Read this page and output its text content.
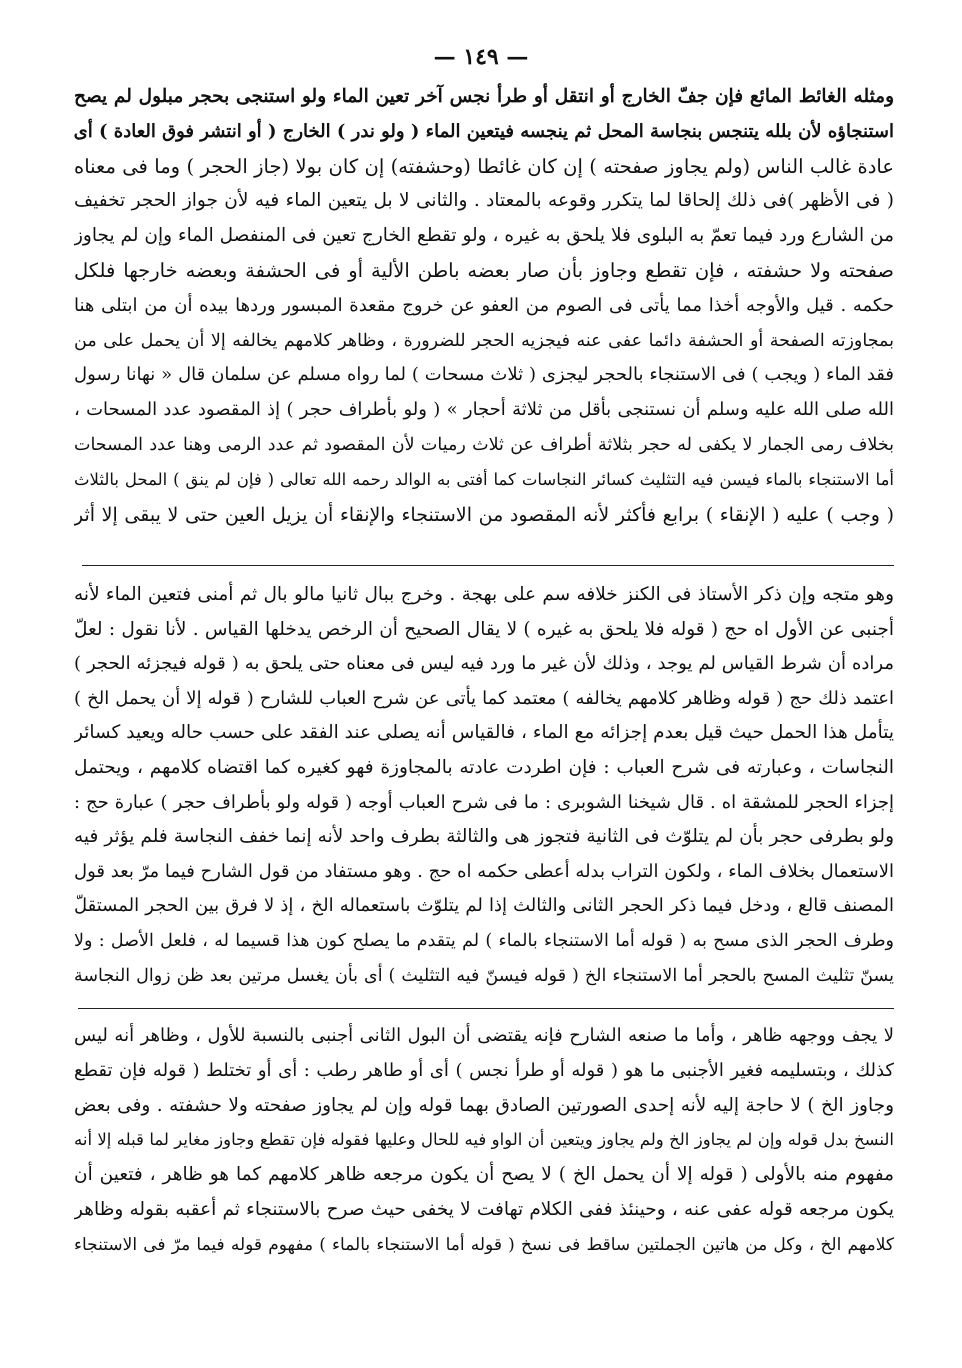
— ١٤٩ —
ومثله الغائط المائع فإن جفّ الخارج أو انتقل أو طرأ نجس آخر تعين الماء ولو استنجى بحجر مبلول لم يصح
استنجاؤه لأن بلله يتنجس بنجاسة المحل ثم ينجسه فيتعين الماء ( ولو ندر ) الخارج ( أو انتشر فوق العادة ) أى
عادة غالب الناس (ولم يجاوز صفحته ) إن كان غائطا (وحشفته) إن كان بولا (جاز الحجر ) وما فى معناه
( فى الأظهر )فى ذلك إلحاقا لما يتكرر وقوعه بالمعتاد . والثانى لا بل يتعين الماء فيه لأن جواز الحجر تخفيف
من الشارع ورد فيما تعمّ به البلوى فلا يلحق به غيره ، ولو تقطع الخارج تعين فى المنفصل الماء وإن لم يجاوز
صفحته ولا حشفته ، فإن تقطع وجاوز بأن صار بعضه باطن الألية أو فى الحشفة وبعضه خارجها فلكل
حكمه . قيل والأوجه أخذا مما يأتى فى الصوم من العفو عن خروج مقعدة المبسور وردها بيده أن من ابتلى هنا
بمجاوزته الصفحة أو الحشفة دائما عفى عنه فيجزيه الحجر للضرورة ، وظاهر كلامهم يخالفه إلا أن يحمل على من
فقد الماء ( ويجب ) فى الاستنجاء بالحجر ليجزى ( ثلاث مسحات ) لما رواه مسلم عن سلمان قال « نهانا رسول
الله صلى الله عليه وسلم أن نستنجى بأقل من ثلاثة أحجار » ( ولو بأطراف حجر ) إذ المقصود عدد المسحات ،
بخلاف رمى الجمار لا يكفى له حجر بثلاثة أطراف عن ثلاث رميات لأن المقصود ثم عدد الرمى وهنا عدد المسحات
أما الاستنجاء بالماء فيسن فيه التثليث كسائر النجاسات كما أفتى به الوالد رحمه الله تعالى ( فإن لم ينق ) المحل بالثلاث
( وجب ) عليه ( الإنقاء ) برابع فأكثر لأنه المقصود من الاستنجاء والإنقاء أن يزيل العين حتى لا يبقى إلا أثر
وهو متجه وإن ذكر الأستاذ فى الكنز خلافه سم على بهجة . وخرج ببال ثانيا مالو بال ثم أمنى فتعين الماء لأنه
أجنبى عن الأول اه حج ( قوله فلا يلحق به غيره ) لا يقال الصحيح أن الرخص يدخلها القياس . لأنا نقول : لعلّ
مراده أن شرط القياس لم يوجد ، وذلك لأن غير ما ورد فيه ليس فى معناه حتى يلحق به ( قوله فيجزئه الحجر )
اعتمد ذلك حج ( قوله وظاهر كلامهم يخالفه ) معتمد كما يأتى عن شرح العباب للشارح ( قوله إلا أن يحمل الخ )
يتأمل هذا الحمل حيث قيل بعدم إجزائه مع الماء ، فالقياس أنه يصلى عند الفقد على حسب حاله ويعيد كسائر
النجاسات ، وعبارته فى شرح العباب : فإن اطردت عادته بالمجاوزة فهو كغيره كما اقتضاه كلامهم ، ويحتمل
إجزاء الحجر للمشقة اه . قال شيخنا الشوبرى : ما فى شرح العباب أوجه ( قوله ولو بأطراف حجر ) عبارة حج :
ولو بطرفى حجر بأن لم يتلوّث فى الثانية فتجوز هى والثالثة بطرف واحد لأنه إنما خفف النجاسة فلم يؤثر فيه
الاستعمال بخلاف الماء ، ولكون التراب بدله أعطى حكمه اه حج . وهو مستفاد من قول الشارح فيما مرّ بعد قول
المصنف قالع ، ودخل فيما ذكر الحجر الثانى والثالث إذا لم يتلوّث باستعماله الخ ، إذ لا فرق بين الحجر المستقلّ
وطرف الحجر الذى مسح به ( قوله أما الاستنجاء بالماء ) لم يتقدم ما يصلح كون هذا قسيما له ، فلعل الأصل : ولا
يسنّ تثليث المسح بالحجر أما الاستنجاء الخ ( قوله فيسنّ فيه التثليث ) أى بأن يغسل مرتين بعد ظن زوال النجاسة
لا يجف ووجهه ظاهر ، وأما ما صنعه الشارح فإنه يقتضى أن البول الثانى أجنبى بالنسبة للأول ، وظاهر أنه ليس
كذلك ، وبتسليمه فغير الأجنبى ما هو ( قوله أو طرأ نجس ) أى أو طاهر رطب : أى أو تختلط ( قوله فإن تقطع
وجاوز الخ ) لا حاجة إليه لأنه إحدى الصورتين الصادق بهما قوله وإن لم يجاوز صفحته ولا حشفته . وفى بعض
النسخ بدل قوله وإن لم يجاوز الخ ولم يجاوز ويتعين أن الواو فيه للحال وعليها فقوله فإن تقطع وجاوز مغاير لما قبله إلا أنه
مفهوم منه بالأولى ( قوله إلا أن يحمل الخ ) لا يصح أن يكون مرجعه ظاهر كلامهم كما هو ظاهر ، فتعين أن
يكون مرجعه قوله عفى عنه ، وحينئذ ففى الكلام تهافت لا يخفى حيث صرح بالاستنجاء ثم أعقبه بقوله وظاهر
كلامهم الخ ، وكل من هاتين الجملتين ساقط فى نسخ ( قوله أما الاستنجاء بالماء ) مفهوم قوله فيما مرّ فى الاستنجاء
